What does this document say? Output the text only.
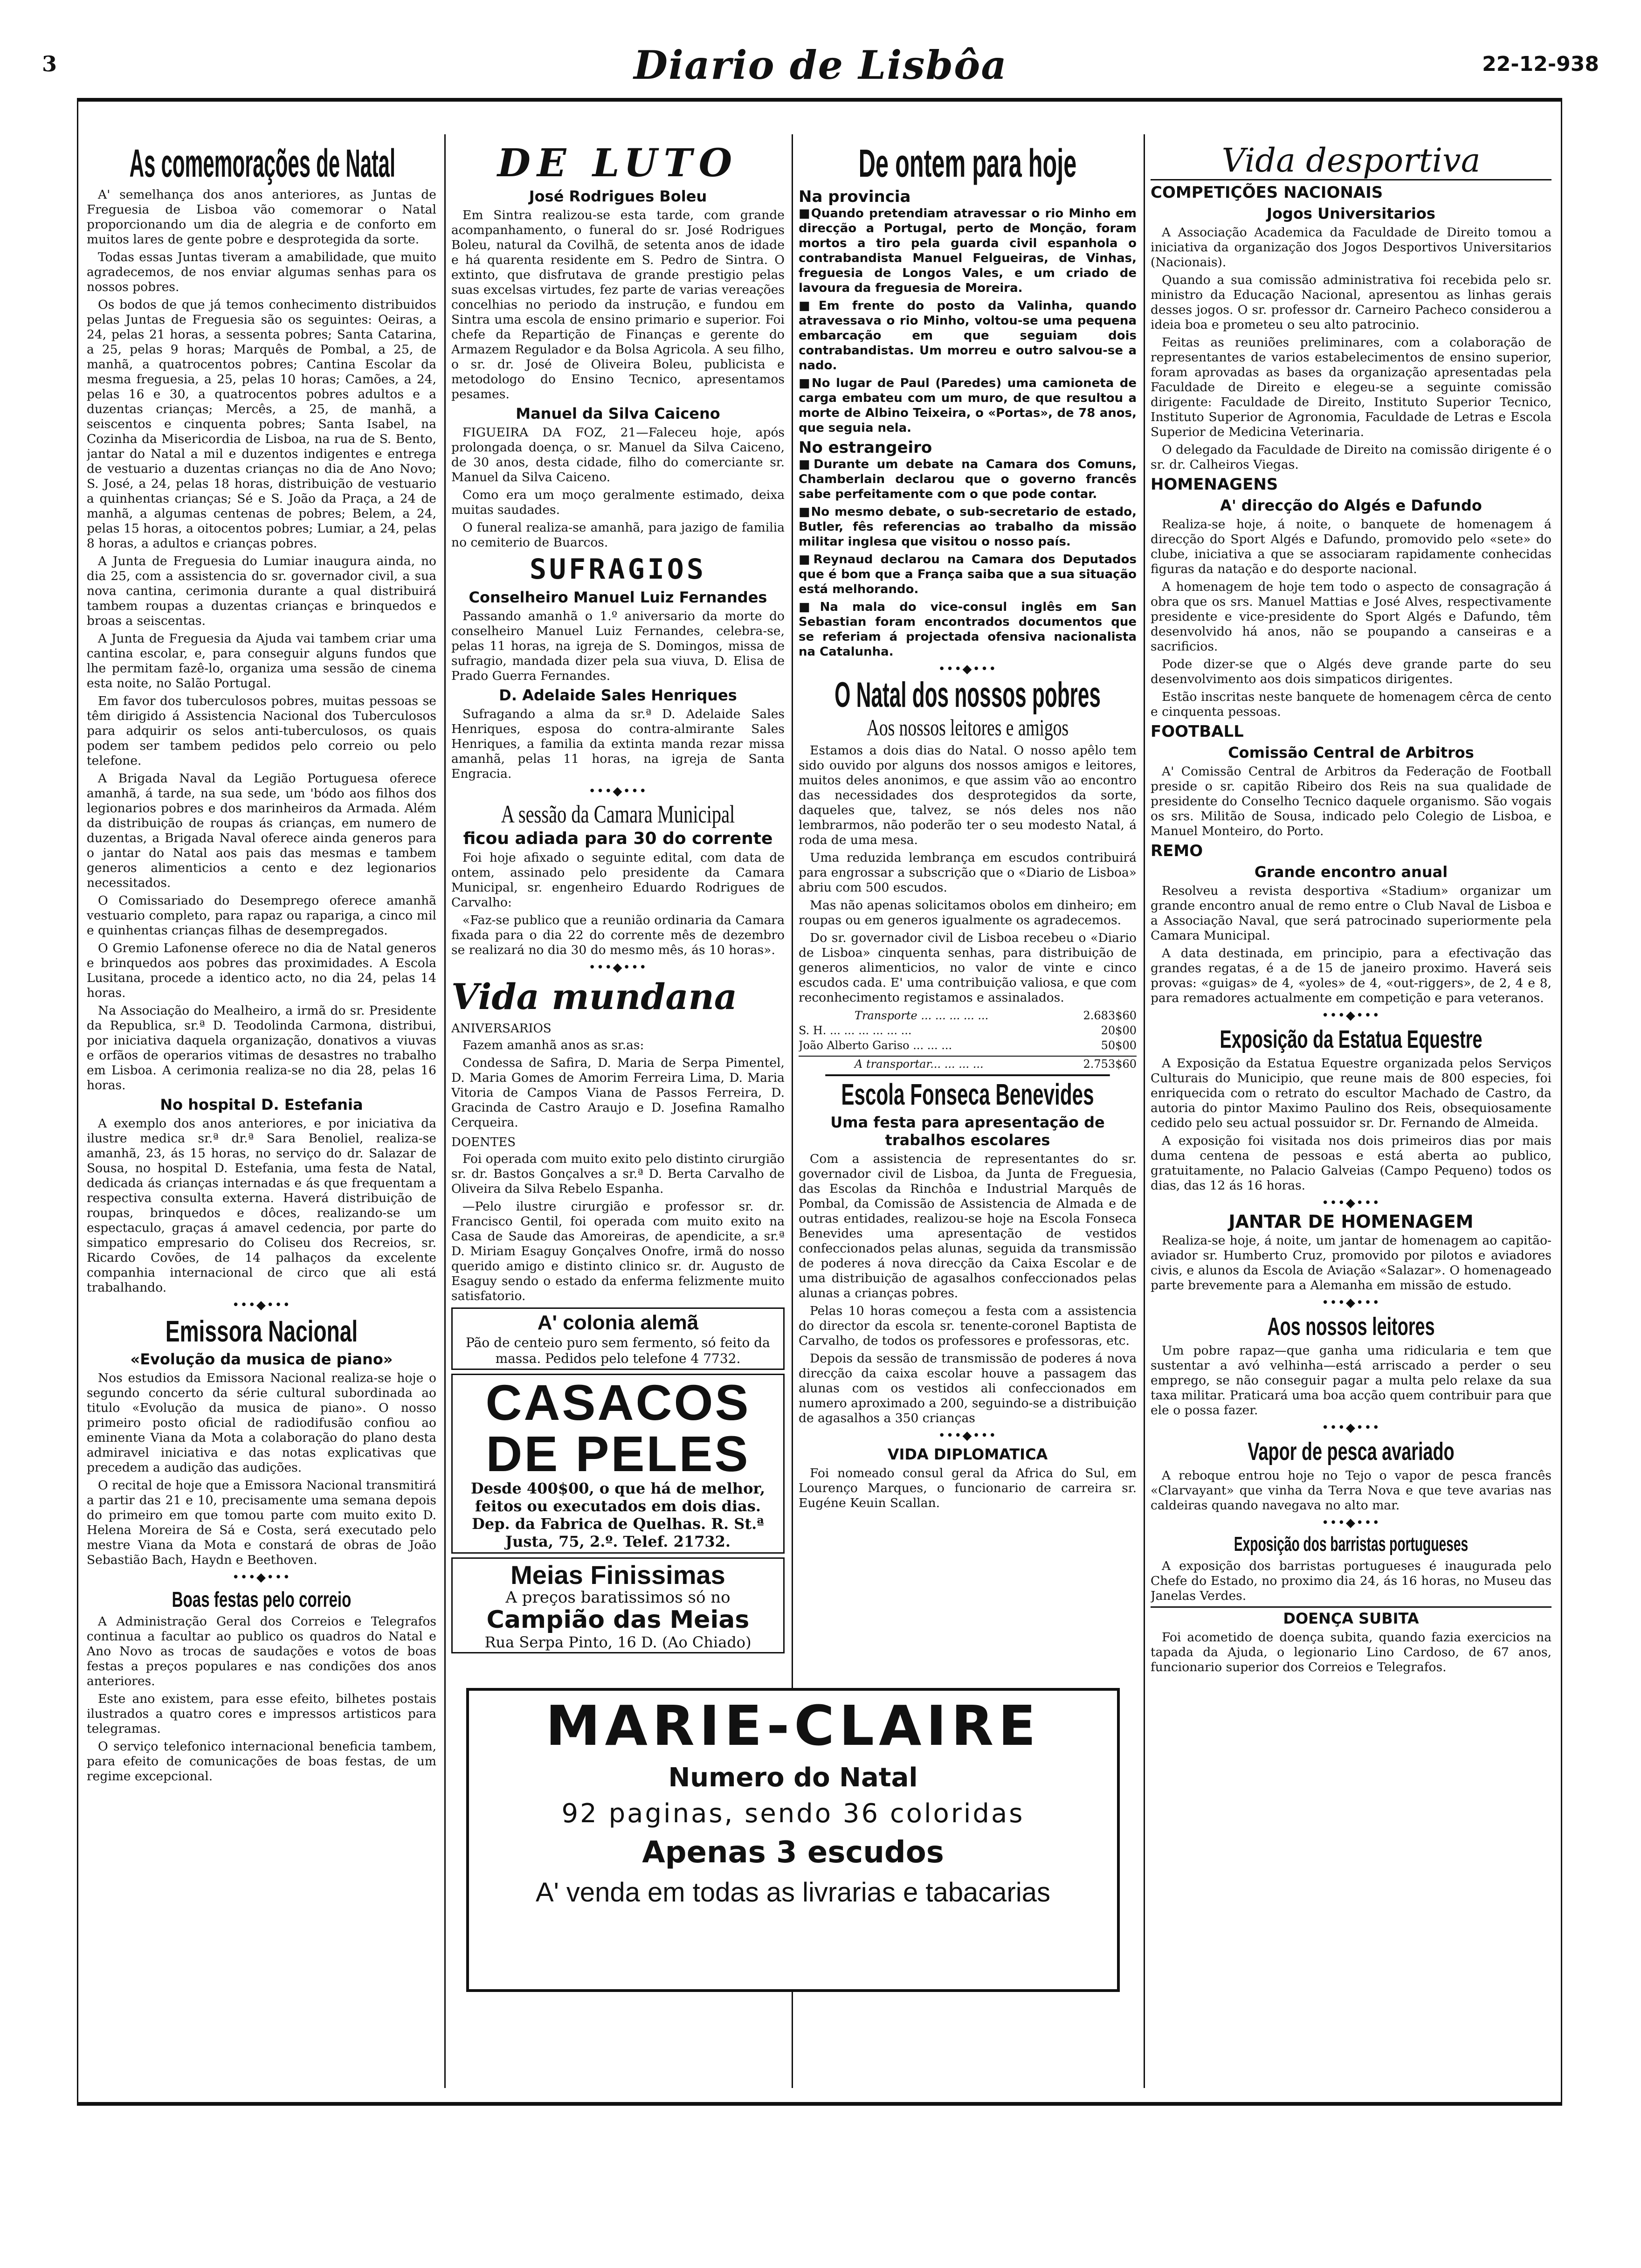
3	Diario de Lisbôa	22-12-938
As comemorações de Natal

A' semelhança dos anos anteriores, as Juntas de Freguesia de Lisboa vão comemorar o Natal proporcionando um dia de alegria e de conforto em muitos lares de gente pobre e desprotegida da sorte.

Todas essas Juntas tiveram a amabilidade, que muito agradecemos, de nos enviar algumas senhas para os nossos pobres.

Os bodos de que já temos conhecimento distribuidos pelas Juntas de Freguesia são os seguintes: Oeiras, a 24, pelas 21 horas, a sessenta pobres; Santa Catarina, a 25, pelas 9 horas; Marquês de Pombal, a 25, de manhã, a quatrocentos pobres; Cantina Escolar da mesma freguesia, a 25, pelas 10 horas; Camões, a 24, pelas 16 e 30, a quatrocentos pobres adultos e a duzentas crianças; Mercês, a 25, de manhã, a seiscentos e cinquenta pobres; Santa Isabel, na Cozinha da Misericordia de Lisboa, na rua de S. Bento, jantar do Natal a mil e duzentos indigentes e entrega de vestuario a duzentas crianças no dia de Ano Novo; S. José, a 24, pelas 18 horas, distribuição de vestuario a quinhentas crianças; Sé e S. João da Praça, a 24 de manhã, a algumas centenas de pobres; Belem, a 24, pelas 15 horas, a oitocentos pobres; Lumiar, a 24, pelas 8 horas, a adultos e crianças pobres.

A Junta de Freguesia do Lumiar inaugura ainda, no dia 25, com a assistencia do sr. governador civil, a sua nova cantina, cerimonia durante a qual distribuirá tambem roupas a duzentas crianças e brinquedos e broas a seiscentas.

A Junta de Freguesia da Ajuda vai tambem criar uma cantina escolar, e, para conseguir alguns fundos que lhe permitam fazê-lo, organiza uma sessão de cinema esta noite, no Salão Portugal.

Em favor dos tuberculosos pobres, muitas pessoas se têm dirigido á Assistencia Nacional dos Tuberculosos para adquirir os selos anti-tuberculosos, os quais podem ser tambem pedidos pelo correio ou pelo telefone.

A Brigada Naval da Legião Portuguesa oferece amanhã, á tarde, na sua sede, um 'bódo aos filhos dos legionarios pobres e dos marinheiros da Armada. Além da distribuição de roupas ás crianças, em numero de duzentas, a Brigada Naval oferece ainda generos para o jantar do Natal aos pais das mesmas e tambem generos alimenticios a cento e dez legionarios necessitados.

O Comissariado do Desemprego oferece amanhã vestuario completo, para rapaz ou rapariga, a cinco mil e quinhentas crianças filhas de desempregados.

O Gremio Lafonense oferece no dia de Natal generos e brinquedos aos pobres das proximidades. A Escola Lusitana, procede a identico acto, no dia 24, pelas 14 horas.

Na Associação do Mealheiro, a irmã do sr. Presidente da Republica, sr.ª D. Teodolinda Carmona, distribui, por iniciativa daquela organização, donativos a viuvas e orfãos de operarios vitimas de desastres no trabalho em Lisboa. A cerimonia realiza-se no dia 28, pelas 16 horas.

No hospital D. Estefania

A exemplo dos anos anteriores, e por iniciativa da ilustre medica sr.ª dr.ª Sara Benoliel, realiza-se amanhã, 23, ás 15 horas, no serviço do dr. Salazar de Sousa, no hospital D. Estefania, uma festa de Natal, dedicada ás crianças internadas e ás que frequentam a respectiva consulta externa. Haverá distribuição de roupas, brinquedos e dôces, realizando-se um espectaculo, graças á amavel cedencia, por parte do simpatico empresario do Coliseu dos Recreios, sr. Ricardo Covões, de 14 palhaços da excelente companhia internacional de circo que ali está trabalhando.

•••◆•••
Emissora Nacional
«Evolução da musica de piano»

Nos estudios da Emissora Nacional realiza-se hoje o segundo concerto da série cultural subordinada ao titulo «Evolução da musica de piano». O nosso primeiro posto oficial de radiodifusão confiou ao eminente Viana da Mota a colaboração do plano desta admiravel iniciativa e das notas explicativas que precedem a audição das audições.

O recital de hoje que a Emissora Nacional transmitirá a partir das 21 e 10, precisamente uma semana depois do primeiro em que tomou parte com muito exito D. Helena Moreira de Sá e Costa, será executado pelo mestre Viana da Mota e constará de obras de João Sebastião Bach, Haydn e Beethoven.

•••◆•••
Boas festas pelo correio

A Administração Geral dos Correios e Telegrafos continua a facultar ao publico os quadros do Natal e Ano Novo as trocas de saudações e votos de boas festas a preços populares e nas condições dos anos anteriores.

Este ano existem, para esse efeito, bilhetes postais ilustrados a quatro cores e impressos artisticos para telegramas.

O serviço telefonico internacional beneficia tambem, para efeito de comunicações de boas festas, de um regime excepcional.

DE LUTO
José Rodrigues Boleu

Em Sintra realizou-se esta tarde, com grande acompanhamento, o funeral do sr. José Rodrigues Boleu, natural da Covilhã, de setenta anos de idade e há quarenta residente em S. Pedro de Sintra. O extinto, que disfrutava de grande prestigio pelas suas excelsas virtudes, fez parte de varias vereações concelhias no periodo da instrução, e fundou em Sintra uma escola de ensino primario e superior. Foi chefe da Repartição de Finanças e gerente do Armazem Regulador e da Bolsa Agricola. A seu filho, o sr. dr. José de Oliveira Boleu, publicista e metodologo do Ensino Tecnico, apresentamos pesames.

Manuel da Silva Caiceno

FIGUEIRA DA FOZ, 21—Faleceu hoje, após prolongada doença, o sr. Manuel da Silva Caiceno, de 30 anos, desta cidade, filho do comerciante sr. Manuel da Silva Caiceno.

Como era um moço geralmente estimado, deixa muitas saudades.

O funeral realiza-se amanhã, para jazigo de familia no cemiterio de Buarcos.

SUFRAGIOS
Conselheiro Manuel Luiz Fernandes

Passando amanhã o 1.º aniversario da morte do conselheiro Manuel Luiz Fernandes, celebra-se, pelas 11 horas, na igreja de S. Domingos, missa de sufragio, mandada dizer pela sua viuva, D. Elisa de Prado Guerra Fernandes.

D. Adelaide Sales Henriques

Sufragando a alma da sr.ª D. Adelaide Sales Henriques, esposa do contra-almirante Sales Henriques, a familia da extinta manda rezar missa amanhã, pelas 11 horas, na igreja de Santa Engracia.

•••◆•••
A sessão da Camara Municipal
ficou adiada para 30 do corrente

Foi hoje afixado o seguinte edital, com data de ontem, assinado pelo presidente da Camara Municipal, sr. engenheiro Eduardo Rodrigues de Carvalho:

«Faz-se publico que a reunião ordinaria da Camara fixada para o dia 22 do corrente mês de dezembro se realizará no dia 30 do mesmo mês, ás 10 horas».

•••◆•••
Vida mundana
ANIVERSARIOS

Fazem amanhã anos as sr.as:

Condessa de Safira, D. Maria de Serpa Pimentel, D. Maria Gomes de Amorim Ferreira Lima, D. Maria Vitoria de Campos Viana de Passos Ferreira, D. Gracinda de Castro Araujo e D. Josefina Ramalho Cerqueira.

DOENTES

Foi operada com muito exito pelo distinto cirurgião sr. dr. Bastos Gonçalves a sr.ª D. Berta Carvalho de Oliveira da Silva Rebelo Espanha.

—Pelo ilustre cirurgião e professor sr. dr. Francisco Gentil, foi operada com muito exito na Casa de Saude das Amoreiras, de apendicite, a sr.ª D. Miriam Esaguy Gonçalves Onofre, irmã do nosso querido amigo e distinto clinico sr. dr. Augusto de Esaguy sendo o estado da enferma felizmente muito satisfatorio.

A' colonia alemã
Pão de centeio puro sem fermento, só feito da massa. Pedidos pelo telefone 4 7732.
CASACOS DE PELES
Desde 400$00, o que há de melhor, feitos ou executados em dois dias. Dep. da Fabrica de Quelhas. R. St.ª Justa, 75, 2.º. Telef. 21732.
Meias Finissimas
A preços baratissimos só no
Campião das Meias
Rua Serpa Pinto, 16 D. (Ao Chiado)
De ontem para hoje
Na provincia

■ Quando pretendiam atravessar o rio Minho em direcção a Portugal, perto de Monção, foram mortos a tiro pela guarda civil espanhola o contrabandista Manuel Felgueiras, de Vinhas, freguesia de Longos Vales, e um criado de lavoura da freguesia de Moreira.

■ Em frente do posto da Valinha, quando atravessava o rio Minho, voltou-se uma pequena embarcação em que seguiam dois contrabandistas. Um morreu e outro salvou-se a nado.

■ No lugar de Paul (Paredes) uma camioneta de carga embateu com um muro, de que resultou a morte de Albino Teixeira, o «Portas», de 78 anos, que seguia nela.

No estrangeiro

■ Durante um debate na Camara dos Comuns, Chamberlain declarou que o governo francês sabe perfeitamente com o que pode contar.

■ No mesmo debate, o sub-secretario de estado, Butler, fês referencias ao trabalho da missão militar inglesa que visitou o nosso país.

■ Reynaud declarou na Camara dos Deputados que é bom que a França saiba que a sua situação está melhorando.

■ Na mala do vice-consul inglês em San Sebastian foram encontrados documentos que se referiam á projectada ofensiva nacionalista na Catalunha.

•••◆•••
O Natal dos nossos pobres
Aos nossos leitores e amigos

Estamos a dois dias do Natal. O nosso apêlo tem sido ouvido por alguns dos nossos amigos e leitores, muitos deles anonimos, e que assim vão ao encontro das necessidades dos desprotegidos da sorte, daqueles que, talvez, se nós deles nos não lembrarmos, não poderão ter o seu modesto Natal, á roda de uma mesa.

Uma reduzida lembrança em escudos contribuirá para engrossar a subscrição que o «Diario de Lisboa» abriu com 500 escudos.

Mas não apenas solicitamos obolos em dinheiro; em roupas ou em generos igualmente os agradecemos.

Do sr. governador civil de Lisboa recebeu o «Diario de Lisboa» cinquenta senhas, para distribuição de generos alimenticios, no valor de vinte e cinco escudos cada. E' uma contribuição valiosa, e que com reconhecimento registamos e assinalados.

Transporte ... ... ... ... ...	2.683$60
S. H. ... ... ... ... ... ...	20$00
João Alberto Gariso ... ... ...	50$00
A transportar... ... ... ...	2.753$60
Escola Fonseca Benevides
Uma festa para apresentação de trabalhos escolares

Com a assistencia de representantes do sr. governador civil de Lisboa, da Junta de Freguesia, das Escolas da Rinchôa e Industrial Marquês de Pombal, da Comissão de Assistencia de Almada e de outras entidades, realizou-se hoje na Escola Fonseca Benevides uma apresentação de vestidos confeccionados pelas alunas, seguida da transmissão de poderes á nova direcção da Caixa Escolar e de uma distribuição de agasalhos confeccionados pelas alunas a crianças pobres.

Pelas 10 horas começou a festa com a assistencia do director da escola sr. tenente-coronel Baptista de Carvalho, de todos os professores e professoras, etc.

Depois da sessão de transmissão de poderes á nova direcção da caixa escolar houve a passagem das alunas com os vestidos ali confeccionados em numero aproximado a 200, seguindo-se a distribuição de agasalhos a 350 crianças

•••◆•••
VIDA DIPLOMATICA

Foi nomeado consul geral da Africa do Sul, em Lourenço Marques, o funcionario de carreira sr. Eugéne Keuin Scallan.

Vida desportiva
COMPETIÇÕES NACIONAIS
Jogos Universitarios

A Associação Academica da Faculdade de Direito tomou a iniciativa da organização dos Jogos Desportivos Universitarios (Nacionais).

Quando a sua comissão administrativa foi recebida pelo sr. ministro da Educação Nacional, apresentou as linhas gerais desses jogos. O sr. professor dr. Carneiro Pacheco considerou a ideia boa e prometeu o seu alto patrocinio.

Feitas as reuniões preliminares, com a colaboração de representantes de varios estabelecimentos de ensino superior, foram aprovadas as bases da organização apresentadas pela Faculdade de Direito e elegeu-se a seguinte comissão dirigente: Faculdade de Direito, Instituto Superior Tecnico, Instituto Superior de Agronomia, Faculdade de Letras e Escola Superior de Medicina Veterinaria.

O delegado da Faculdade de Direito na comissão dirigente é o sr. dr. Calheiros Viegas.

HOMENAGENS
A' direcção do Algés e Dafundo

Realiza-se hoje, á noite, o banquete de homenagem á direcção do Sport Algés e Dafundo, promovido pelo «sete» do clube, iniciativa a que se associaram rapidamente conhecidas figuras da natação e do desporte nacional.

A homenagem de hoje tem todo o aspecto de consagração á obra que os srs. Manuel Mattias e José Alves, respectivamente presidente e vice-presidente do Sport Algés e Dafundo, têm desenvolvido há anos, não se poupando a canseiras e a sacrificios.

Pode dizer-se que o Algés deve grande parte do seu desenvolvimento aos dois simpaticos dirigentes.

Estão inscritas neste banquete de homenagem cêrca de cento e cinquenta pessoas.

FOOTBALL
Comissão Central de Arbitros

A' Comissão Central de Arbitros da Federação de Football preside o sr. capitão Ribeiro dos Reis na sua qualidade de presidente do Conselho Tecnico daquele organismo. São vogais os srs. Militão de Sousa, indicado pelo Colegio de Lisboa, e Manuel Monteiro, do Porto.

REMO
Grande encontro anual

Resolveu a revista desportiva «Stadium» organizar um grande encontro anual de remo entre o Club Naval de Lisboa e a Associação Naval, que será patrocinado superiormente pela Camara Municipal.

A data destinada, em principio, para a efectivação das grandes regatas, é a de 15 de janeiro proximo. Haverá seis provas: «guigas» de 4, «yoles» de 4, «out-riggers», de 2, 4 e 8, para remadores actualmente em competição e para veteranos.

•••◆•••
Exposição da Estatua Equestre

A Exposição da Estatua Equestre organizada pelos Serviços Culturais do Municipio, que reune mais de 800 especies, foi enriquecida com o retrato do escultor Machado de Castro, da autoria do pintor Maximo Paulino dos Reis, obsequiosamente cedido pelo seu actual possuidor sr. Dr. Fernando de Almeida.

A exposição foi visitada nos dois primeiros dias por mais duma centena de pessoas e está aberta ao publico, gratuitamente, no Palacio Galveias (Campo Pequeno) todos os dias, das 12 ás 16 horas.

•••◆•••
JANTAR DE HOMENAGEM

Realiza-se hoje, á noite, um jantar de homenagem ao capitão-aviador sr. Humberto Cruz, promovido por pilotos e aviadores civis, e alunos da Escola de Aviação «Salazar». O homenageado parte brevemente para a Alemanha em missão de estudo.

•••◆•••
Aos nossos leitores

Um pobre rapaz—que ganha uma ridicularia e tem que sustentar a avó velhinha—está arriscado a perder o seu emprego, se não conseguir pagar a multa pelo relaxe da sua taxa militar. Praticará uma boa acção quem contribuir para que ele o possa fazer.

•••◆•••
Vapor de pesca avariado

A reboque entrou hoje no Tejo o vapor de pesca francês «Clarvayant» que vinha da Terra Nova e que teve avarias nas caldeiras quando navegava no alto mar.

•••◆•••
Exposição dos barristas portugueses

A exposição dos barristas portugueses é inaugurada pelo Chefe do Estado, no proximo dia 24, ás 16 horas, no Museu das Janelas Verdes.

DOENÇA SUBITA

Foi acometido de doença subita, quando fazia exercicios na tapada da Ajuda, o legionario Lino Cardoso, de 67 anos, funcionario superior dos Correios e Telegrafos.

MARIE-CLAIRE
Numero do Natal
92 paginas, sendo 36 coloridas
Apenas 3 escudos
A' venda em todas as livrarias e tabacarias
